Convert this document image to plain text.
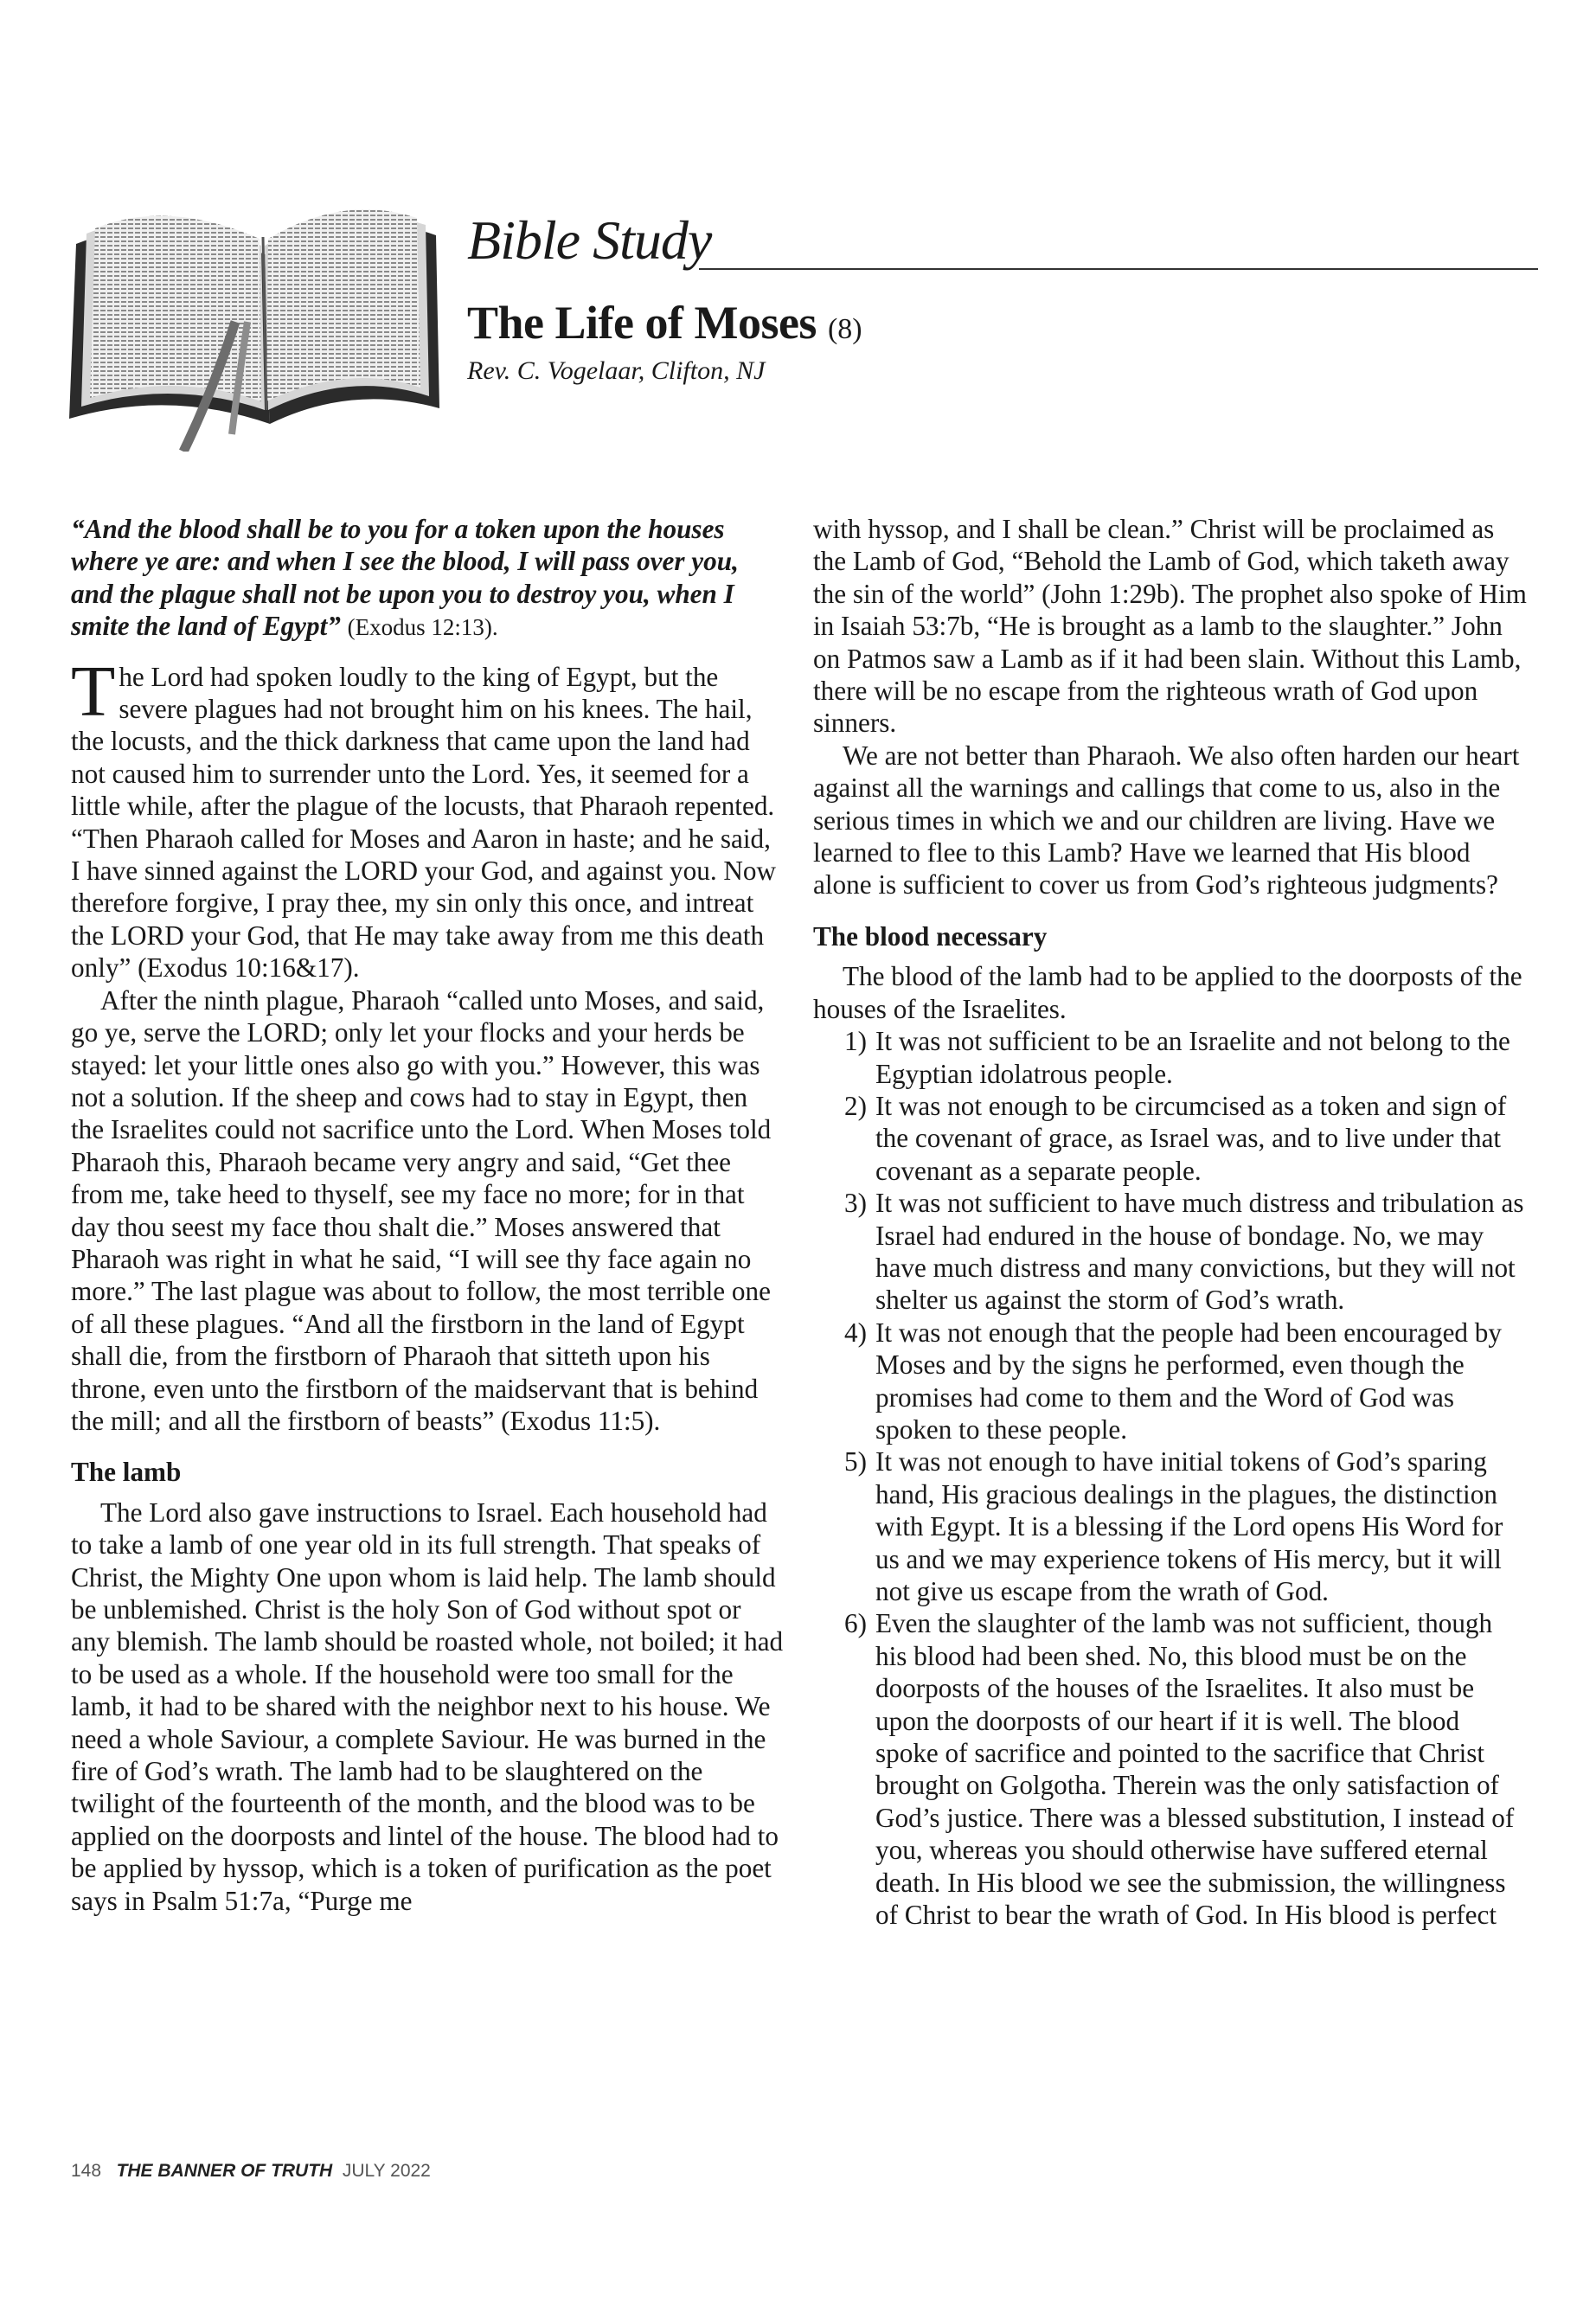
Bible Study
The Life of Moses (8)
Rev. C. Vogelaar, Clifton, NJ

“And the blood shall be to you for a token upon the houses where ye are: and when I see the blood, I will pass over you, and the plague shall not be upon you to destroy you, when I smite the land of Egypt” (Exodus 12:13).

The Lord had spoken loudly to the king of Egypt, but the severe plagues had not brought him on his knees. The hail, the locusts, and the thick darkness that came upon the land had not caused him to surrender unto the Lord. Yes, it seemed for a little while, after the plague of the locusts, that Pharaoh repented. “Then Pharaoh called for Moses and Aaron in haste; and he said, I have sinned against the LORD your God, and against you. Now therefore forgive, I pray thee, my sin only this once, and intreat the LORD your God, that He may take away from me this death only” (Exodus 10:16&17).

After the ninth plague, Pharaoh “called unto Moses, and said, go ye, serve the LORD; only let your flocks and your herds be stayed: let your little ones also go with you.” However, this was not a solution. If the sheep and cows had to stay in Egypt, then the Israelites could not sacrifice unto the Lord. When Moses told Pharaoh this, Pharaoh became very angry and said, “Get thee from me, take heed to thyself, see my face no more; for in that day thou seest my face thou shalt die.” Moses answered that Pharaoh was right in what he said, “I will see thy face again no more.” The last plague was about to follow, the most terrible one of all these plagues. “And all the firstborn in the land of Egypt shall die, from the firstborn of Pharaoh that sitteth upon his throne, even unto the firstborn of the maidservant that is behind the mill; and all the firstborn of beasts” (Exodus 11:5).

The lamb

The Lord also gave instructions to Israel. Each household had to take a lamb of one year old in its full strength. That speaks of Christ, the Mighty One upon whom is laid help. The lamb should be unblemished. Christ is the holy Son of God without spot or any blemish. The lamb should be roasted whole, not boiled; it had to be used as a whole. If the household were too small for the lamb, it had to be shared with the neighbor next to his house. We need a whole Saviour, a complete Saviour. He was burned in the fire of God’s wrath. The lamb had to be slaughtered on the twilight of the fourteenth of the month, and the blood was to be applied on the doorposts and lintel of the house. The blood had to be applied by hyssop, which is a token of purification as the poet says in Psalm 51:7a, “Purge me

with hyssop, and I shall be clean.” Christ will be proclaimed as the Lamb of God, “Behold the Lamb of God, which taketh away the sin of the world” (John 1:29b). The prophet also spoke of Him in Isaiah 53:7b, “He is brought as a lamb to the slaughter.” John on Patmos saw a Lamb as if it had been slain. Without this Lamb, there will be no escape from the righteous wrath of God upon sinners.

We are not better than Pharaoh. We also often harden our heart against all the warnings and callings that come to us, also in the serious times in which we and our children are living. Have we learned to flee to this Lamb? Have we learned that His blood alone is sufficient to cover us from God’s righteous judgments?

The blood necessary

The blood of the lamb had to be applied to the doorposts of the houses of the Israelites.

1) It was not sufficient to be an Israelite and not belong to the Egyptian idolatrous people.
2) It was not enough to be circumcised as a token and sign of the covenant of grace, as Israel was, and to live under that covenant as a separate people.
3) It was not sufficient to have much distress and tribulation as Israel had endured in the house of bondage. No, we may have much distress and many convictions, but they will not shelter us against the storm of God’s wrath.
4) It was not enough that the people had been encouraged by Moses and by the signs he performed, even though the promises had come to them and the Word of God was spoken to these people.
5) It was not enough to have initial tokens of God’s sparing hand, His gracious dealings in the plagues, the distinction with Egypt. It is a blessing if the Lord opens His Word for us and we may experience tokens of His mercy, but it will not give us escape from the wrath of God.
6) Even the slaughter of the lamb was not sufficient, though his blood had been shed. No, this blood must be on the doorposts of the houses of the Israelites. It also must be upon the doorposts of our heart if it is well. The blood spoke of sacrifice and pointed to the sacrifice that Christ brought on Golgotha. Therein was the only satisfaction of God’s justice. There was a blessed substitution, I instead of you, whereas you should otherwise have suffered eternal death. In His blood we see the submission, the willingness of Christ to bear the wrath of God. In His blood is perfect
148 THE BANNER OF TRUTH JULY 2022
